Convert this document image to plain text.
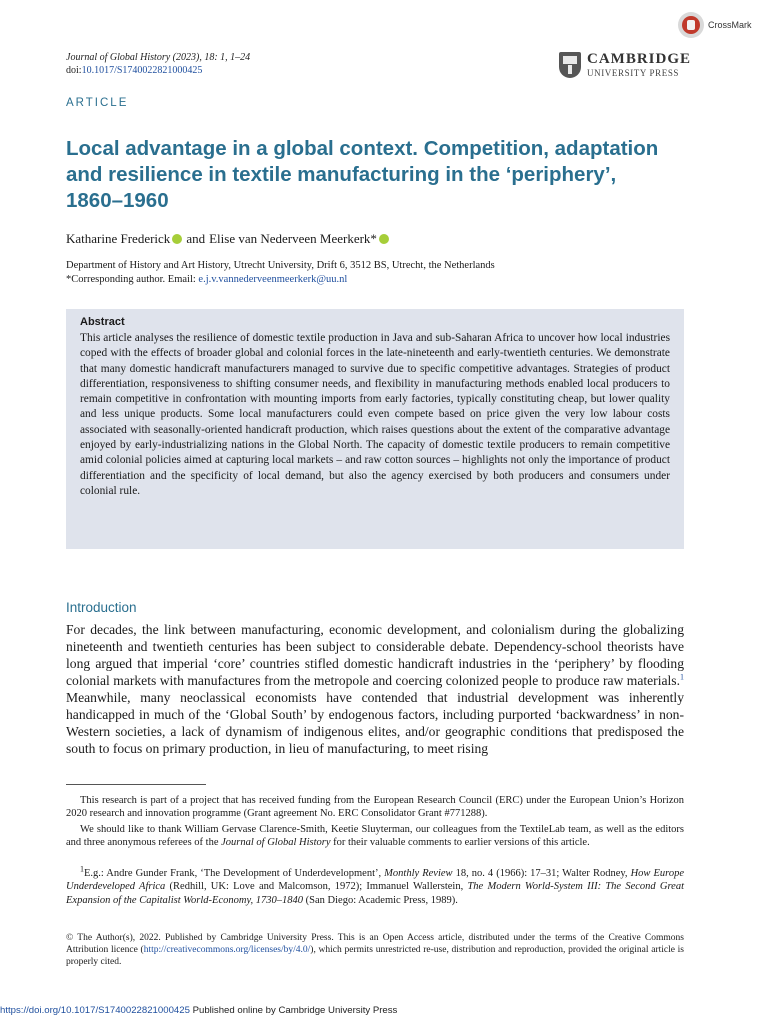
Journal of Global History (2023), 18: 1, 1–24
doi:10.1017/S1740022821000425
CrossMark
CAMBRIDGE
UNIVERSITY PRESS
ARTICLE
Local advantage in a global context. Competition, adaptation and resilience in textile manufacturing in the ‘periphery’, 1860–1960
Katharine Frederick and Elise van Nederveen Meerkerk*
Department of History and Art History, Utrecht University, Drift 6, 3512 BS, Utrecht, the Netherlands
*Corresponding author. Email: e.j.v.vannederveenmeerkerk@uu.nl
Abstract

This article analyses the resilience of domestic textile production in Java and sub-Saharan Africa to uncover how local industries coped with the effects of broader global and colonial forces in the late-nineteenth and early-twentieth centuries. We demonstrate that many domestic handicraft manufacturers managed to survive due to specific competitive advantages. Strategies of product differentiation, responsiveness to shifting consumer needs, and flexibility in manufacturing methods enabled local producers to remain competitive in confrontation with mounting imports from early factories, typically constituting cheap, but lower quality and less unique products. Some local manufacturers could even compete based on price given the very low labour costs associated with seasonally-oriented handicraft production, which raises questions about the extent of the comparative advantage enjoyed by early-industrializing nations in the Global North. The capacity of domestic textile producers to remain competitive amid colonial policies aimed at capturing local markets – and raw cotton sources – highlights not only the importance of product differentiation and the specificity of local demand, but also the agency exercised by both producers and consumers under colonial rule.

Introduction

For decades, the link between manufacturing, economic development, and colonialism during the globalizing nineteenth and twentieth centuries has been subject to considerable debate. Dependency-school theorists have long argued that imperial ‘core’ countries stifled domestic handicraft industries in the ‘periphery’ by flooding colonial markets with manufactures from the metropole and coercing colonized people to produce raw materials.$^1$ Meanwhile, many neoclassical economists have contended that industrial development was inherently handicapped in much of the ‘Global South’ by endogenous factors, including purported ‘backwardness’ in non-Western societies, a lack of dynamism of indigenous elites, and/or geographic conditions that predisposed the south to focus on primary production, in lieu of manufacturing, to meet rising

This research is part of a project that has received funding from the European Research Council (ERC) under the European Union’s Horizon 2020 research and innovation programme (Grant agreement No. ERC Consolidator Grant #771288).

We should like to thank William Gervase Clarence-Smith, Keetie Sluyterman, our colleagues from the TextileLab team, as well as the editors and three anonymous referees of the Journal of Global History for their valuable comments to earlier versions of this article.

$^1$E.g.: Andre Gunder Frank, ‘The Development of Underdevelopment’, Monthly Review 18, no. 4 (1966): 17–31; Walter Rodney, How Europe Underdeveloped Africa (Redhill, UK: Love and Malcomson, 1972); Immanuel Wallerstein, The Modern World-System III: The Second Great Expansion of the Capitalist World-Economy, 1730–1840 (San Diego: Academic Press, 1989).

© The Author(s), 2022. Published by Cambridge University Press. This is an Open Access article, distributed under the terms of the Creative Commons Attribution licence (http://creativecommons.org/licenses/by/4.0/), which permits unrestricted re-use, distribution and reproduction, provided the original article is properly cited.

https://doi.org/10.1017/S1740022821000425 Published online by Cambridge University Press
